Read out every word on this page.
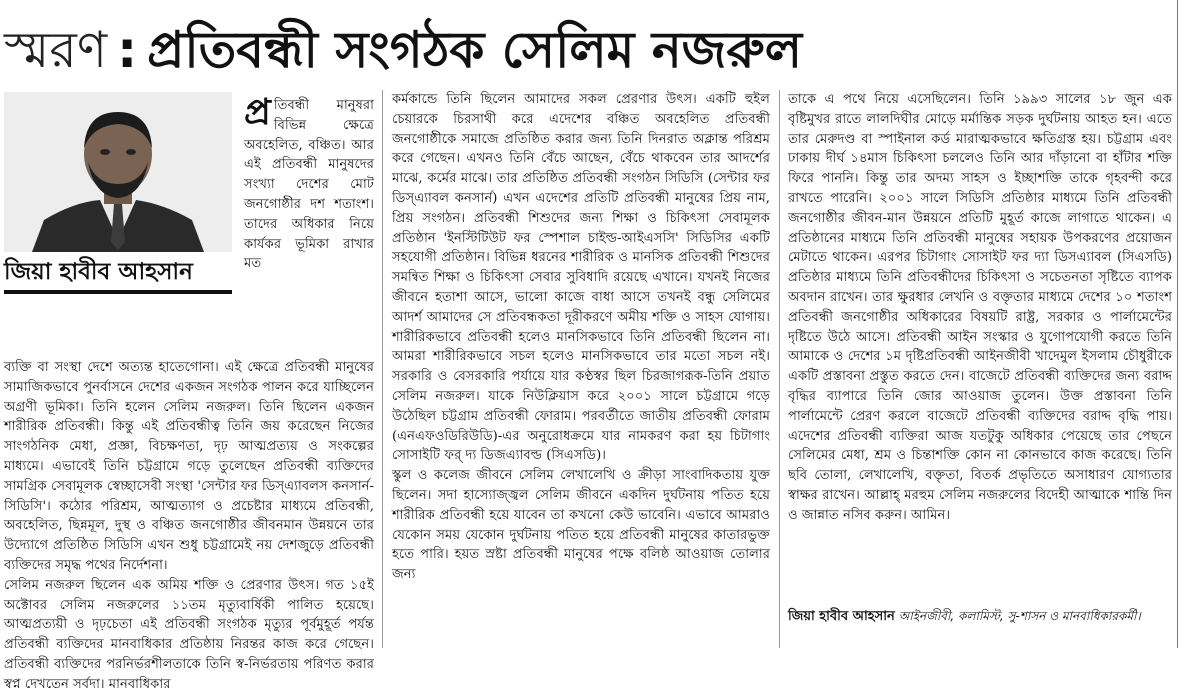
স্মরণ : প্রতিবন্ধী সংগঠক সেলিম নজরুল
জিয়া হাবীব আহসান
প্র তিবন্ধী মানুষরা বিভিন্ন ক্ষেত্রে অবহেলিত, বঞ্চিত। আর এই প্রতিবন্ধী মানুষদের সংখ্যা দেশের মোট জনগোষ্ঠীর দশ শতাংশ। তাদের অধিকার নিয়ে কার্যকর ভূমিকা রাখার মত

ব্যক্তি বা সংস্থা দেশে অত্যন্ত হাতেগোনা। এই ক্ষেত্রে প্রতিবন্ধী মানুষের সামাজিকভাবে পুনর্বাসনে দেশের একজন সংগঠক পালন করে যাচ্ছিলেন অগ্রণী ভূমিকা। তিনি হলেন সেলিম নজরুল। তিনি ছিলেন একজন শারীরিক প্রতিবন্ধী। কিন্তু এই প্রতিবন্ধীত্ব তিনি জয় করেছেন নিজের সাংগঠনিক মেধা, প্রজ্ঞা, বিচক্ষণতা, দৃঢ় আত্মপ্রত্যয় ও সংকল্পের মাধ্যমে। এভাবেই তিনি চট্টগ্রামে গড়ে তুলেছেন প্রতিবন্ধী ব্যক্তিদের সামগ্রিক সেবামূলক স্বেচ্ছাসেবী সংস্থা 'সেন্টার ফর ডিস্এ্যাবলস কনসার্ন-সিডিসি'। কঠোর পরিশ্রম, আত্মত্যাগ ও প্রচেষ্টার মাধ্যমে প্রতিবন্ধী, অবহেলিত, ছিন্নমূল, দুস্থ ও বঞ্চিত জনগোষ্ঠীর জীবনমান উন্নয়নে তার উদ্যোগে প্রতিষ্ঠিত সিডিসি এখন শুধু চট্টগ্রামেই নয় দেশজুড়ে প্রতিবন্ধী ব্যক্তিদের সমৃদ্ধ পথের নির্দেশনা।

সেলিম নজরুল ছিলেন এক অমিয় শক্তি ও প্রেরণার উৎস। গত ১৫ই অক্টোবর সেলিম নজরুলের ১১তম মৃত্যুবার্ষিকী পালিত হয়েছে। আত্মপ্রত্যয়ী ও দৃঢ়চেতা এই প্রতিবন্ধী সংগঠক মৃত্যুর পূর্বমুহূর্ত পর্যন্ত প্রতিবন্ধী ব্যক্তিদের মানবাধিকার প্রতিষ্ঠায় নিরন্তর কাজ করে গেছেন। প্রতিবন্ধী ব্যক্তিদের পরনির্ভরশীলতাকে তিনি স্ব-নির্ভরতায় পরিণত করার স্বপ্ন দেখতেন সর্বদা। মানবাধিকার

কর্মকান্ডে তিনি ছিলেন আমাদের সকল প্রেরণার উৎস। একটি হুইল চেয়ারকে চিরসাথী করে এদেশের বঞ্চিত অবহেলিত প্রতিবন্ধী জনগোষ্ঠীকে সমাজে প্রতিষ্ঠিত করার জন্য তিনি দিনরাত অক্লান্ত পরিশ্রম করে গেছেন। এখনও তিনি বেঁচে আছেন, বেঁচে থাকবেন তার আদর্শের মাঝে, কর্মের মাঝে। তার প্রতিষ্ঠিত প্রতিবন্ধী সংগঠন সিডিসি (সেন্টার ফর ডিস্এ্যাবল কনসার্ন) এখন এদেশের প্রতিটি প্রতিবন্ধী মানুষের প্রিয় নাম, প্রিয় সংগঠন। প্রতিবন্ধী শিশুদের জন্য শিক্ষা ও চিকিৎসা সেবামূলক প্রতিষ্ঠান 'ইনস্টিটিউট ফর স্পেশাল চাইল্ড-আইএসসি' সিডিসির একটি সহযোগী প্রতিষ্ঠান। বিভিন্ন ধরনের শারীরিক ও মানসিক প্রতিবন্ধী শিশুদের সমন্বিত শিক্ষা ও চিকিৎসা সেবার সুবিধাদি রয়েছে এখানে। যখনই নিজের জীবনে হতাশা আসে, ভালো কাজে বাধা আসে তখনই বন্ধু সেলিমের আদর্শ আমাদের সে প্রতিবন্ধকতা দূরীকরণে অমীয় শক্তি ও সাহস যোগায়। শারীরিকভাবে প্রতিবন্ধী হলেও মানসিকভাবে তিনি প্রতিবন্ধী ছিলেন না। আমরা শারীরিকভাবে সচল হলেও মানসিকভাবে তার মতো সচল নই। সরকারি ও বেসরকারি পর্যায়ে যার কণ্ঠস্বর ছিল চিরজাগরূক-তিনি প্রয়াত সেলিম নজরুল। যাকে নিউক্লিয়াস করে ২০০১ সালে চট্টগ্রামে গড়ে উঠেছিল চট্টগ্রাম প্রতিবন্ধী ফোরাম। পরবর্তীতে জাতীয় প্রতিবন্ধী ফোরাম (এনএফওডিরিউডি)-এর অনুরোধক্রমে যার নামকরণ করা হয় চিটাগাং সোসাইটি ফর্ দ্য ডিজএ্যাবল্ড (সিএসডি)।

স্কুল ও কলেজ জীবনে সেলিম লেখালেখি ও ক্রীড়া সাংবাদিকতায় যুক্ত ছিলেন। সদা হাস্যোজ্জ্বল সেলিম জীবনে একদিন দুর্ঘটনায় পতিত হয়ে শারীরিক প্রতিবন্ধী হয়ে যাবেন তা কখনো কেউ ভাবেনি। এভাবে আমরাও যেকোন সময় যেকোন দুর্ঘটনায় পতিত হয়ে প্রতিবন্ধী মানুষের কাতারভুক্ত হতে পারি। হয়ত স্রষ্টা প্রতিবন্ধী মানুষের পক্ষে বলিষ্ঠ আওয়াজ তোলার জন্য

তাকে এ পথে নিয়ে এসেছিলেন। তিনি ১৯৯৩ সালের ১৮ জুন এক বৃষ্টিমুখর রাতে লালদিঘীর মোড়ে মর্মান্তিক সড়ক দুর্ঘটনায় আহত হন। এতে তার মেরুদণ্ড বা স্পাইনাল কর্ড মারাত্মকভাবে ক্ষতিগ্রস্ত হয়। চট্টগ্রাম এবং ঢাকায় দীর্ঘ ১৪মাস চিকিৎসা চললেও তিনি আর দাঁড়ানো বা হাঁটার শক্তি ফিরে পাননি। কিন্তু তার অদম্য সাহস ও ইচ্ছাশক্তি তাকে গৃহবন্দী করে রাখতে পারেনি। ২০০১ সালে সিডিসি প্রতিষ্ঠার মাধ্যমে তিনি প্রতিবন্ধী জনগোষ্ঠীর জীবন-মান উন্নয়নে প্রতিটি মুহূর্ত কাজে লাগাতে থাকেন। এ প্রতিষ্ঠানের মাধ্যমে তিনি প্রতিবন্ধী মানুষের সহায়ক উপকরণের প্রয়োজন মেটাতে থাকেন। এরপর চিটাগাং সোসাইট ফর দ্যা ডিসএ্যাবল (সিএসডি) প্রতিষ্ঠার মাধ্যমে তিনি প্রতিবন্ধীদের চিকিৎসা ও সচেতনতা সৃষ্টিতে ব্যাপক অবদান রাখেন। তার ক্ষুরধার লেখনি ও বক্তৃতার মাধ্যমে দেশের ১০ শতাংশ প্রতিবন্ধী জনগোষ্ঠীর অধিকারের বিষয়টি রাষ্ট্র, সরকার ও পার্লামেন্টের দৃষ্টিতে উঠে আসে। প্রতিবন্ধী আইন সংস্কার ও যুগোপযোগী করতে তিনি আমাকে ও দেশের ১ম দৃষ্টিপ্রতিবন্ধী আইনজীবী খাদেমুল ইসলাম চৌধুরীকে একটি প্রস্তাবনা প্রস্তুত করতে দেন। বাজেটে প্রতিবন্ধী ব্যক্তিদের জন্য বরাদ্দ বৃদ্ধির ব্যাপারে তিনি জোর আওয়াজ তুলেন। উক্ত প্রস্তাবনা তিনি পার্লামেন্টে প্রেরণ করলে বাজেটে প্রতিবন্ধী ব্যক্তিদের বরাদ্দ বৃদ্ধি পায়। এদেশের প্রতিবন্ধী ব্যক্তিরা আজ যতটুকু অধিকার পেয়েছে তার পেছনে সেলিমের মেধা, শ্রম ও চিন্তাশক্তি কোন না কোনভাবে কাজ করেছে। তিনি ছবি তোলা, লেখালেখি, বক্তৃতা, বিতর্ক প্রভৃতিতে অসাধারণ যোগ্যতার স্বাক্ষর রাখেন। আল্লাহ্ মরহুম সেলিম নজরুলের বিদেহী আত্মাকে শান্তি দিন ও জান্নাত নসিব করুন। আমিন।

জিয়া হাবীব আহসান আইনজীবী, কলামিস্ট, সু-শাসন ও মানবাধিকারকর্মী।
